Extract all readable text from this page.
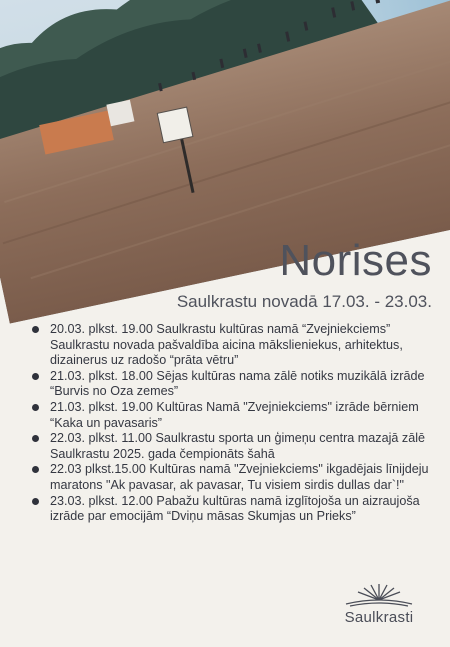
Norises

Saulkrastu novadā 17.03. - 23.03.

20.03. plkst. 19.00 Saulkrastu kultūras namā “Zvejniekciems” Saulkrastu novada pašvaldība aicina mākslieniekus, arhitektus, dizainerus uz radošo “prāta vētru”
21.03. plkst. 18.00 Sējas kultūras nama zālē notiks muzikālā izrāde “Burvis no Oza zemes”
21.03. plkst. 19.00 Kultūras Namā "Zvejniekciems" izrāde bērniem “Kaka un pavasaris”
22.03. plkst. 11.00 Saulkrastu sporta un ģimeņu centra mazajā zālē Saulkrastu 2025. gada čempionāts šahā
22.03 plkst.15.00 Kultūras namā "Zvejniekciems" ikgadējais līnijdeju maratons "Ak pavasar, ak pavasar, Tu visiem sirdis dullas dar`!"
23.03. plkst. 12.00 Pabažu kultūras namā izglītojoša un aizraujoša izrāde par emocijām “Dviņu māsas Skumjas un Prieks”
Saulkrasti
